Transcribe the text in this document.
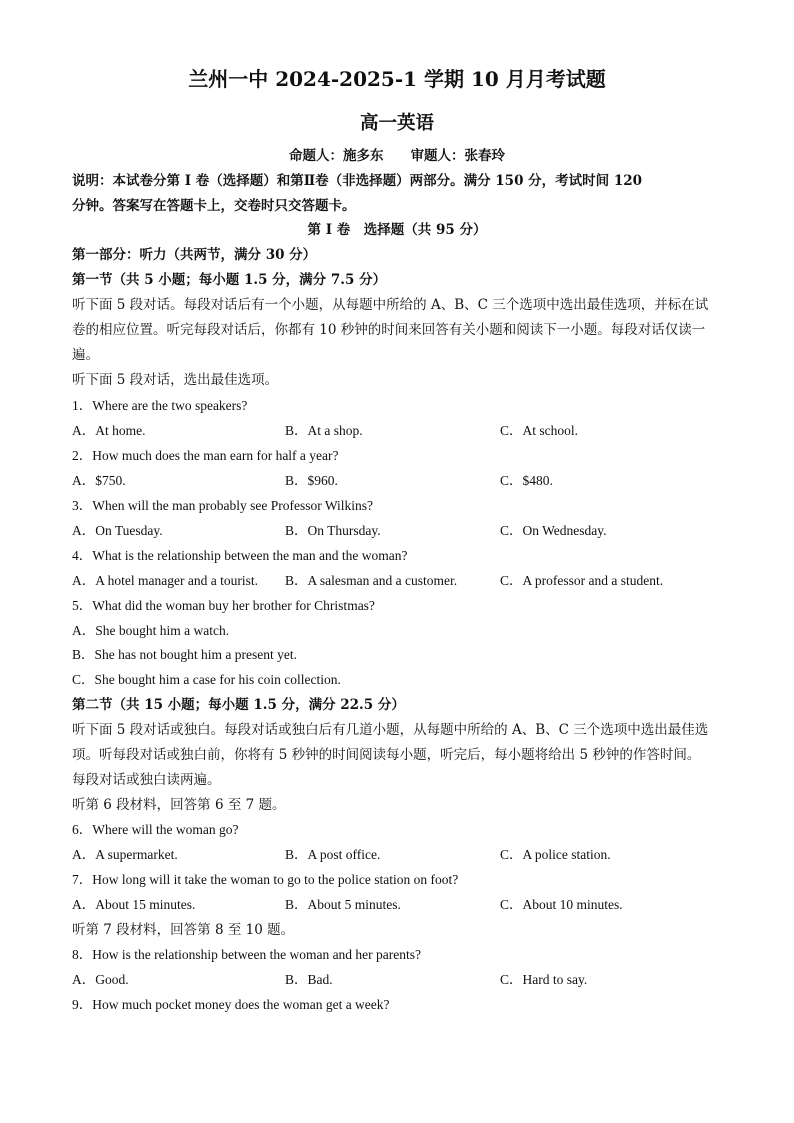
兰州一中 2024-2025-1 学期 10 月月考试题
高一英语
命题人：施多东　　审题人：张春玲
说明：本试卷分第 Ⅰ 卷（选择题）和第Ⅱ卷（非选择题）两部分。满分 150 分，考试时间 120
分钟。答案写在答题卡上，交卷时只交答题卡。
第 Ⅰ 卷　选择题（共 95 分）
第一部分：听力（共两节，满分 30 分）
第一节（共 5 小题；每小题 1.5 分，满分 7.5 分）
听下面 5 段对话。每段对话后有一个小题，从每题中所给的 A、B、C 三个选项中选出最佳选项，并标在试
卷的相应位置。听完每段对话后，你都有 10 秒钟的时间来回答有关小题和阅读下一小题。每段对话仅读一
遍。
听下面 5 段对话，选出最佳选项。
1．Where are the two speakers?
A．At home.	B．At a shop.	C．At school.
2．How much does the man earn for half a year?
A．$750.	B．$960.	C．$480.
3．When will the man probably see Professor Wilkins?
A．On Tuesday.	B．On Thursday.	C．On Wednesday.
4．What is the relationship between the man and the woman?
A．A hotel manager and a tourist. B．A salesman and a customer.	C．A professor and a student.
5．What did the woman buy her brother for Christmas?
A．She bought him a watch.
B．She has not bought him a present yet.
C．She bought him a case for his coin collection.
第二节（共 15 小题；每小题 1.5 分，满分 22.5 分）
听下面 5 段对话或独白。每段对话或独白后有几道小题，从每题中所给的 A、B、C 三个选项中选出最佳选
项。听每段对话或独白前，你将有 5 秒钟的时间阅读每小题，听完后，每小题将给出 5 秒钟的作答时间。
每段对话或独白读两遍。
听第 6 段材料，回答第 6 至 7 题。
6．Where will the woman go?
A．A supermarket.	B．A post office.	C．A police station.
7．How long will it take the woman to go to the police station on foot?
A．About 15 minutes.	B．About 5 minutes.	C．About 10 minutes.
听第 7 段材料，回答第 8 至 10 题。
8．How is the relationship between the woman and her parents?
A．Good.	B．Bad.	C．Hard to say.
9．How much pocket money does the woman get a week?
